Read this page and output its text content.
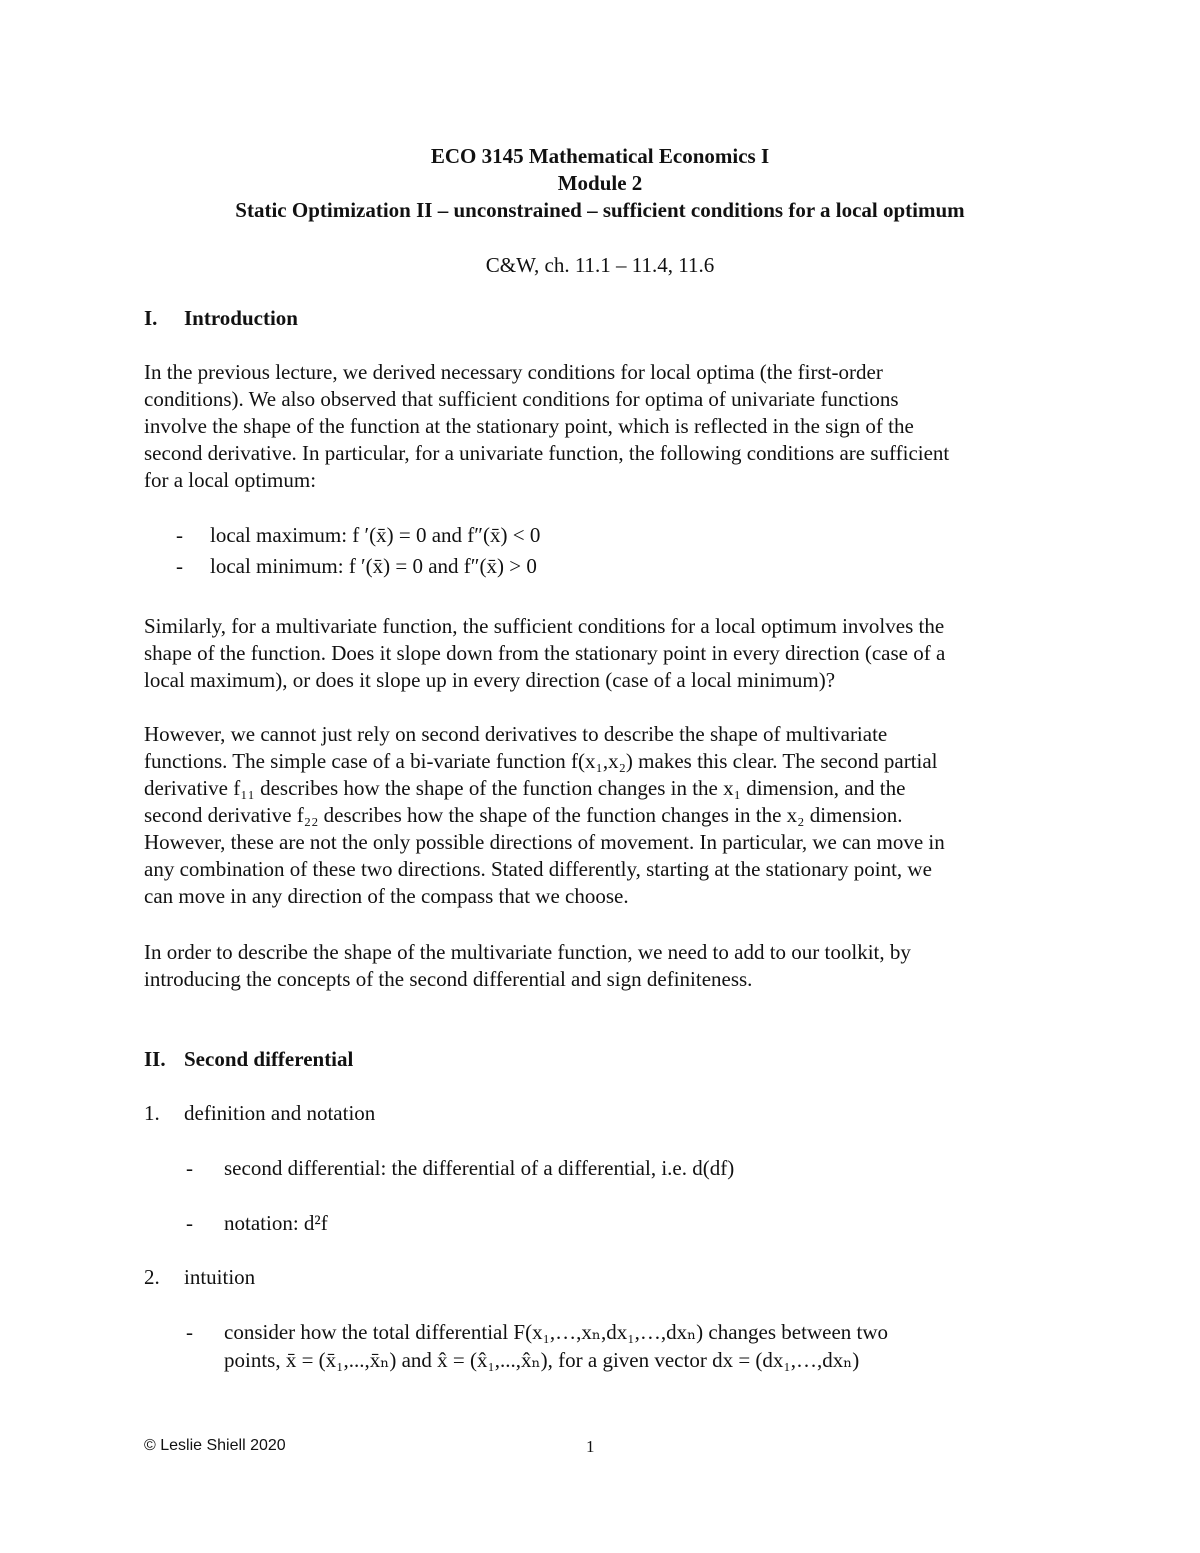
ECO 3145 Mathematical Economics I
Module 2
Static Optimization II – unconstrained – sufficient conditions for a local optimum
C&W, ch. 11.1 – 11.4, 11.6
I. Introduction
In the previous lecture, we derived necessary conditions for local optima (the first-order
conditions). We also observed that sufficient conditions for optima of univariate functions
involve the shape of the function at the stationary point, which is reflected in the sign of the
second derivative. In particular, for a univariate function, the following conditions are sufficient
for a local optimum:
- local maximum: f ′(x̄) = 0 and f″(x̄) < 0
- local minimum: f ′(x̄) = 0 and f″(x̄) > 0
Similarly, for a multivariate function, the sufficient conditions for a local optimum involves the
shape of the function. Does it slope down from the stationary point in every direction (case of a
local maximum), or does it slope up in every direction (case of a local minimum)?
However, we cannot just rely on second derivatives to describe the shape of multivariate
functions. The simple case of a bi-variate function f(x₁,x₂) makes this clear. The second partial
derivative f₁₁ describes how the shape of the function changes in the x₁ dimension, and the
second derivative f₂₂ describes how the shape of the function changes in the x₂ dimension.
However, these are not the only possible directions of movement. In particular, we can move in
any combination of these two directions. Stated differently, starting at the stationary point, we
can move in any direction of the compass that we choose.
In order to describe the shape of the multivariate function, we need to add to our toolkit, by
introducing the concepts of the second differential and sign definiteness.
II. Second differential
1. definition and notation
- second differential: the differential of a differential, i.e. d(df)
- notation: d²f
2. intuition
- consider how the total differential F(x₁,…,xₙ,dx₁,…,dxₙ) changes between two
points, x̄ = (x̄₁,...,x̄ₙ) and x̂ = (x̂₁,...,x̂ₙ), for a given vector dx = (dx₁,…,dxₙ)
© Leslie Shiell 2020	1
